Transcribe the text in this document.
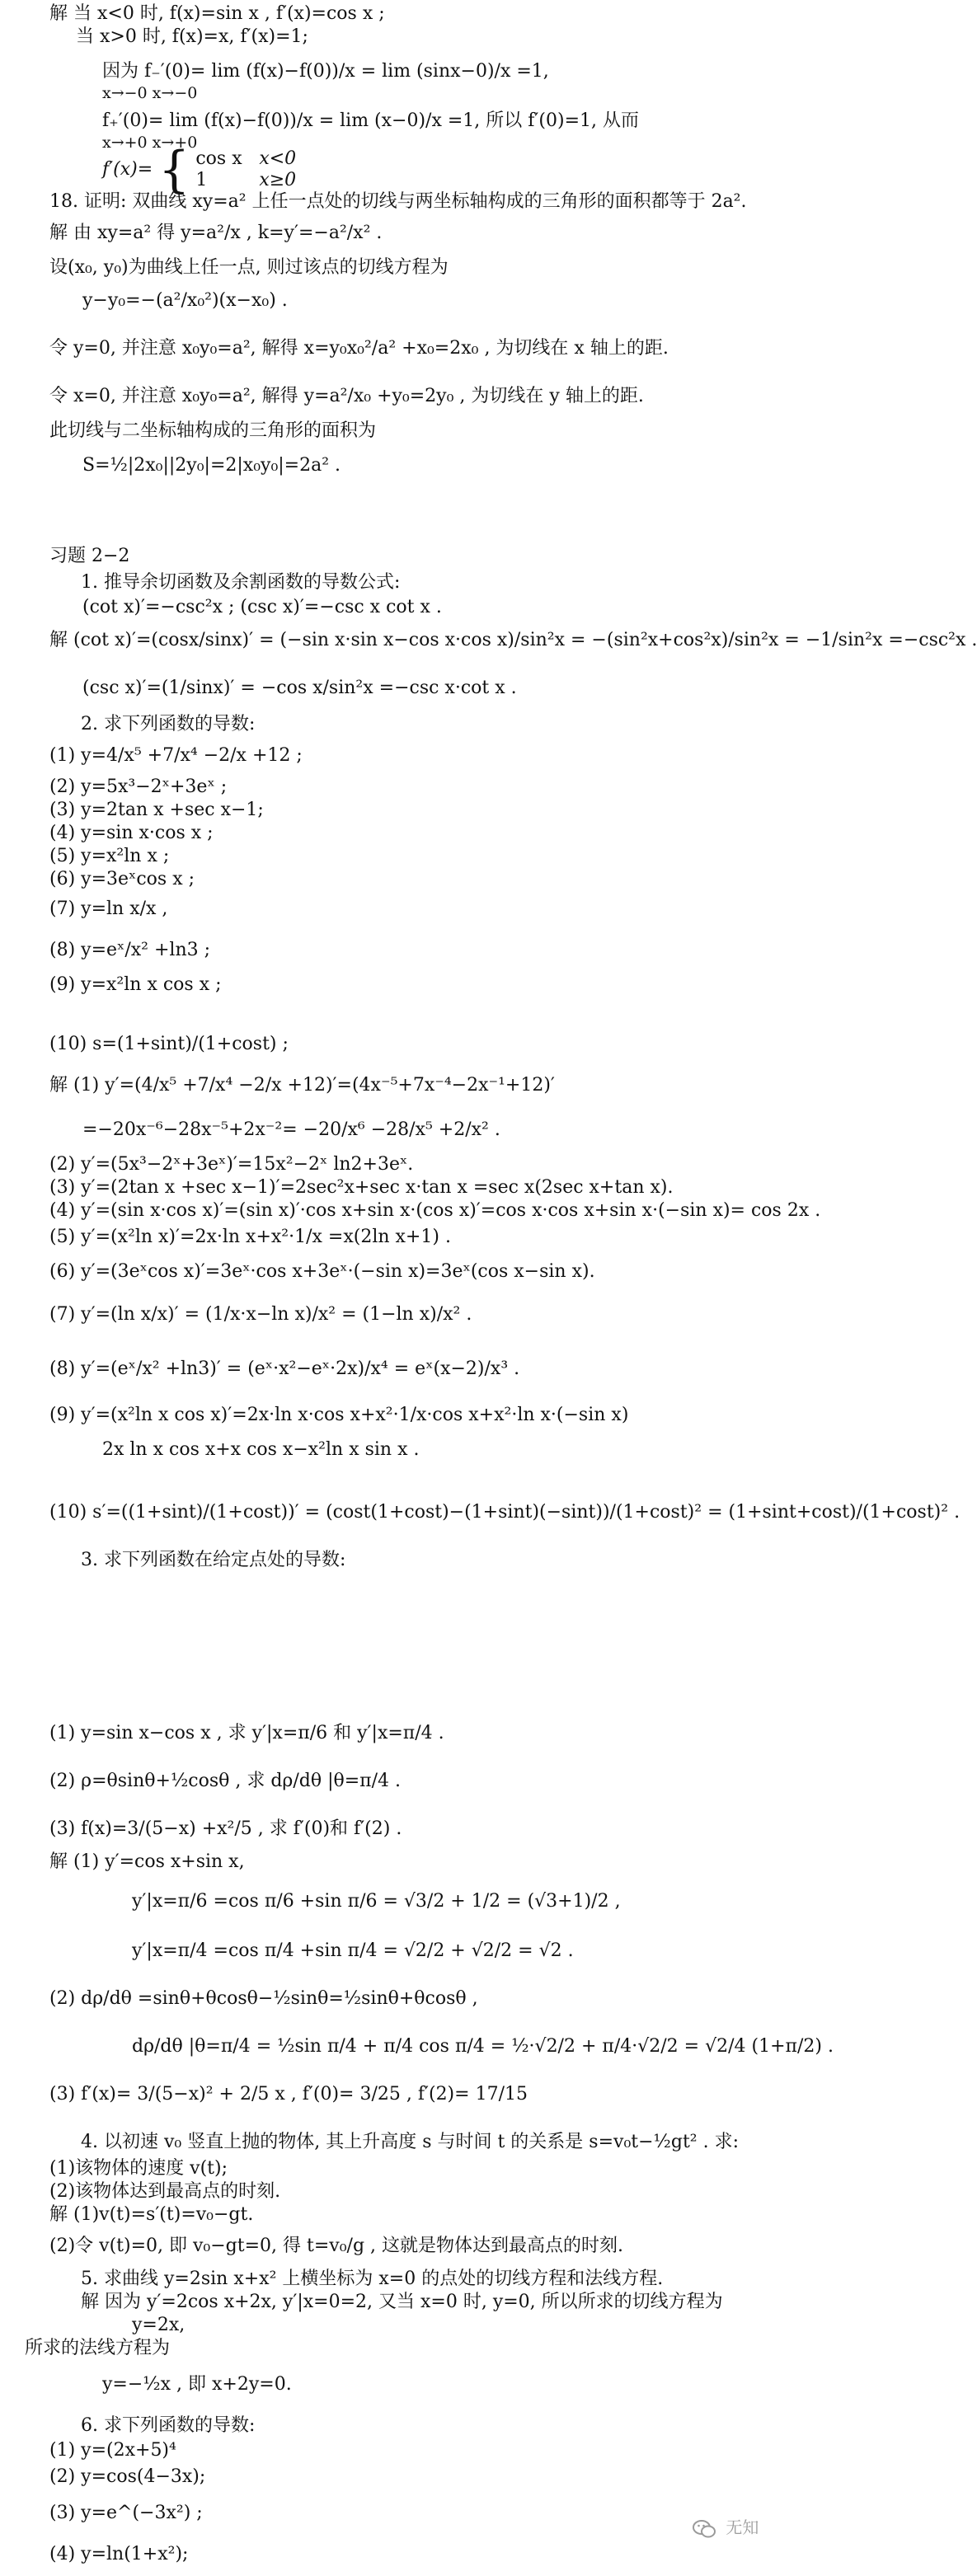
解 当 x<0 时, f(x)=sin x , f′(x)=cos x ;
当 x>0 时, f(x)=x, f′(x)=1;
因为 f₋′(0)= lim (f(x)−f(0))/x = lim (sinx−0)/x =1,
x→−0 x→−0
f₊′(0)= lim (f(x)−f(0))/x = lim (x−0)/x =1, 所以 f′(0)=1, 从而
x→+0 x→+0
18. 证明: 双曲线 xy=a² 上任一点处的切线与两坐标轴构成的三角形的面积都等于 2a².
解 由 xy=a² 得 y=a²/x , k=y′=−a²/x² .
设(x₀, y₀)为曲线上任一点, 则过该点的切线方程为
y−y₀=−(a²/x₀²)(x−x₀) .
令 y=0, 并注意 x₀y₀=a², 解得 x=y₀x₀²/a² +x₀=2x₀ , 为切线在 x 轴上的距.
令 x=0, 并注意 x₀y₀=a², 解得 y=a²/x₀ +y₀=2y₀ , 为切线在 y 轴上的距.
此切线与二坐标轴构成的三角形的面积为
S=½|2x₀||2y₀|=2|x₀y₀|=2a² .
习题 2−2
1. 推导余切函数及余割函数的导数公式:
(cot x)′=−csc²x ; (csc x)′=−csc x cot x .
解 (cot x)′=(cosx/sinx)′ = (−sin x·sin x−cos x·cos x)/sin²x = −(sin²x+cos²x)/sin²x = −1/sin²x =−csc²x .
(csc x)′=(1/sinx)′ = −cos x/sin²x =−csc x·cot x .
2. 求下列函数的导数:
(1) y=4/x⁵ +7/x⁴ −2/x +12 ;
(2) y=5x³−2ˣ+3eˣ ;
(3) y=2tan x +sec x−1;
(4) y=sin x·cos x ;
(5) y=x²ln x ;
(6) y=3eˣcos x ;
(7) y=ln x/x ,
(8) y=eˣ/x² +ln3 ;
(9) y=x²ln x cos x ;
(10) s=(1+sint)/(1+cost) ;
解 (1) y′=(4/x⁵ +7/x⁴ −2/x +12)′=(4x⁻⁵+7x⁻⁴−2x⁻¹+12)′
=−20x⁻⁶−28x⁻⁵+2x⁻²= −20/x⁶ −28/x⁵ +2/x² .
(2) y′=(5x³−2ˣ+3eˣ)′=15x²−2ˣ ln2+3eˣ.
(3) y′=(2tan x +sec x−1)′=2sec²x+sec x·tan x =sec x(2sec x+tan x).
(4) y′=(sin x·cos x)′=(sin x)′·cos x+sin x·(cos x)′=cos x·cos x+sin x·(−sin x)= cos 2x .
(5) y′=(x²ln x)′=2x·ln x+x²·1/x =x(2ln x+1) .
(6) y′=(3eˣcos x)′=3eˣ·cos x+3eˣ·(−sin x)=3eˣ(cos x−sin x).
(7) y′=(ln x/x)′ = (1/x·x−ln x)/x² = (1−ln x)/x² .
(8) y′=(eˣ/x² +ln3)′ = (eˣ·x²−eˣ·2x)/x⁴ = eˣ(x−2)/x³ .
(9) y′=(x²ln x cos x)′=2x·ln x·cos x+x²·1/x·cos x+x²·ln x·(−sin x)
2x ln x cos x+x cos x−x²ln x sin x .
(10) s′=((1+sint)/(1+cost))′ = (cost(1+cost)−(1+sint)(−sint))/(1+cost)² = (1+sint+cost)/(1+cost)² .
3. 求下列函数在给定点处的导数:
(1) y=sin x−cos x , 求 y′|x=π/6 和 y′|x=π/4 .
(2) ρ=θsinθ+½cosθ , 求 dρ/dθ |θ=π/4 .
(3) f(x)=3/(5−x) +x²/5 , 求 f′(0)和 f′(2) .
解 (1) y′=cos x+sin x,
y′|x=π/6 =cos π/6 +sin π/6 = √3/2 + 1/2 = (√3+1)/2 ,
y′|x=π/4 =cos π/4 +sin π/4 = √2/2 + √2/2 = √2 .
(2) dρ/dθ =sinθ+θcosθ−½sinθ=½sinθ+θcosθ ,
dρ/dθ |θ=π/4 = ½sin π/4 + π/4 cos π/4 = ½·√2/2 + π/4·√2/2 = √2/4 (1+π/2) .
(3) f′(x)= 3/(5−x)² + 2/5 x , f′(0)= 3/25 , f′(2)= 17/15
4. 以初速 v₀ 竖直上抛的物体, 其上升高度 s 与时间 t 的关系是 s=v₀t−½gt² . 求:
(1)该物体的速度 v(t);
(2)该物体达到最高点的时刻.
解 (1)v(t)=s′(t)=v₀−gt.
(2)令 v(t)=0, 即 v₀−gt=0, 得 t=v₀/g , 这就是物体达到最高点的时刻.
5. 求曲线 y=2sin x+x² 上横坐标为 x=0 的点处的切线方程和法线方程.
解 因为 y′=2cos x+2x, y′|x=0=2, 又当 x=0 时, y=0, 所以所求的切线方程为
y=2x,
所求的法线方程为
y=−½x , 即 x+2y=0.
6. 求下列函数的导数:
(1) y=(2x+5)⁴
(2) y=cos(4−3x);
(3) y=e^(−3x²) ;
(4) y=ln(1+x²);
f′(x)= { cos x x<0
1	x≥0
无知
